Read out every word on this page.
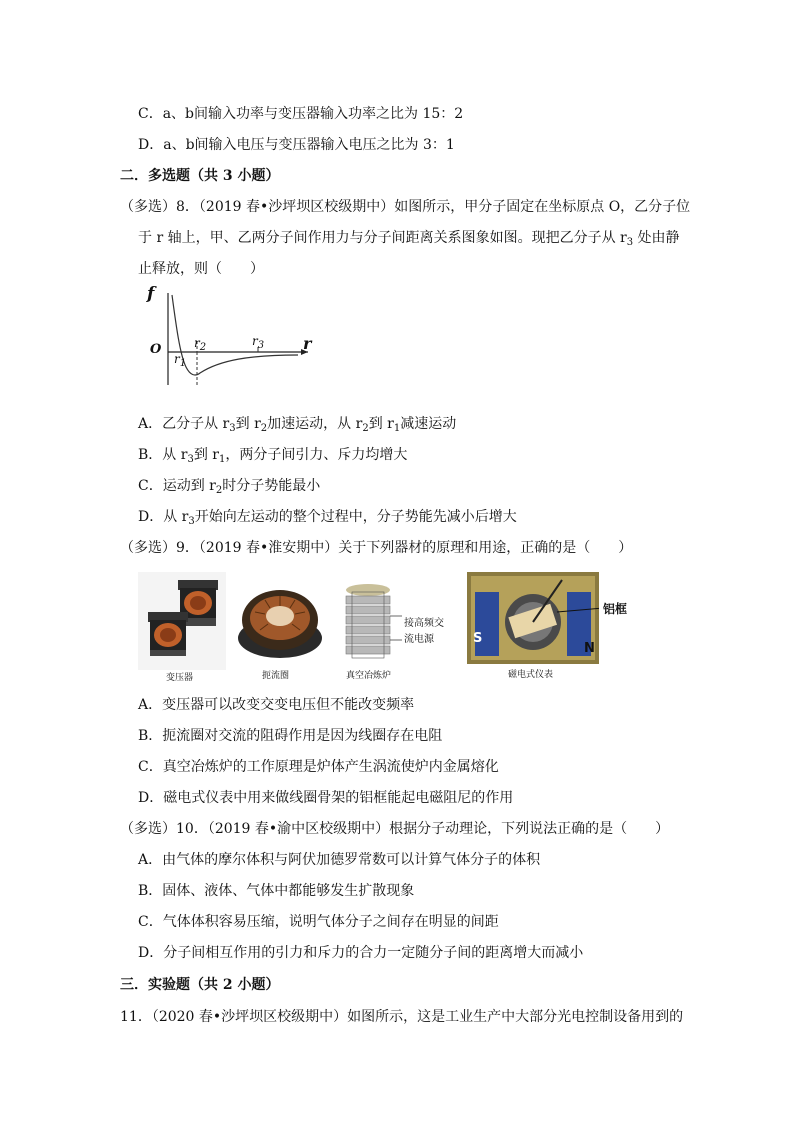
C．a、b间输入功率与变压器输入功率之比为 15：2
D．a、b间输入电压与变压器输入电压之比为 3：1
二．多选题（共 3 小题）
（多选）8．（2019 春•沙坪坝区校级期中）如图所示，甲分子固定在坐标原点 O，乙分子位
于 r 轴上，甲、乙两分子间作用力与分子间距离关系图象如图。现把乙分子从 $r_3$ 处由静
止释放，则（　　）
f
r
O
$r_1$
$r_2$	$r_3$
A．乙分子从 $r_3$到 $r_2$加速运动，从 $r_2$到 $r_1$减速运动
B．从 $r_3$到 $r_1$，两分子间引力、斥力均增大
C．运动到 $r_2$时分子势能最小
D．从 $r_3$开始向左运动的整个过程中，分子势能先减小后增大
（多选）9．（2019 春•淮安期中）关于下列器材的原理和用途，正确的是（　　）
变压器	扼流圈
接高频交
流电源
真空冶炼炉
S
N
铝框
磁电式仪表
A．变压器可以改变交变电压但不能改变频率
B．扼流圈对交流的阻碍作用是因为线圈存在电阻
C．真空冶炼炉的工作原理是炉体产生涡流使炉内金属熔化
D．磁电式仪表中用来做线圈骨架的铝框能起电磁阻尼的作用
（多选）10．（2019 春•渝中区校级期中）根据分子动理论，下列说法正确的是（　　）
A．由气体的摩尔体积与阿伏加德罗常数可以计算气体分子的体积
B．固体、液体、气体中都能够发生扩散现象
C．气体体积容易压缩，说明气体分子之间存在明显的间距
D．分子间相互作用的引力和斥力的合力一定随分子间的距离增大而减小
三．实验题（共 2 小题）
11．（2020 春•沙坪坝区校级期中）如图所示，这是工业生产中大部分光电控制设备用到的
